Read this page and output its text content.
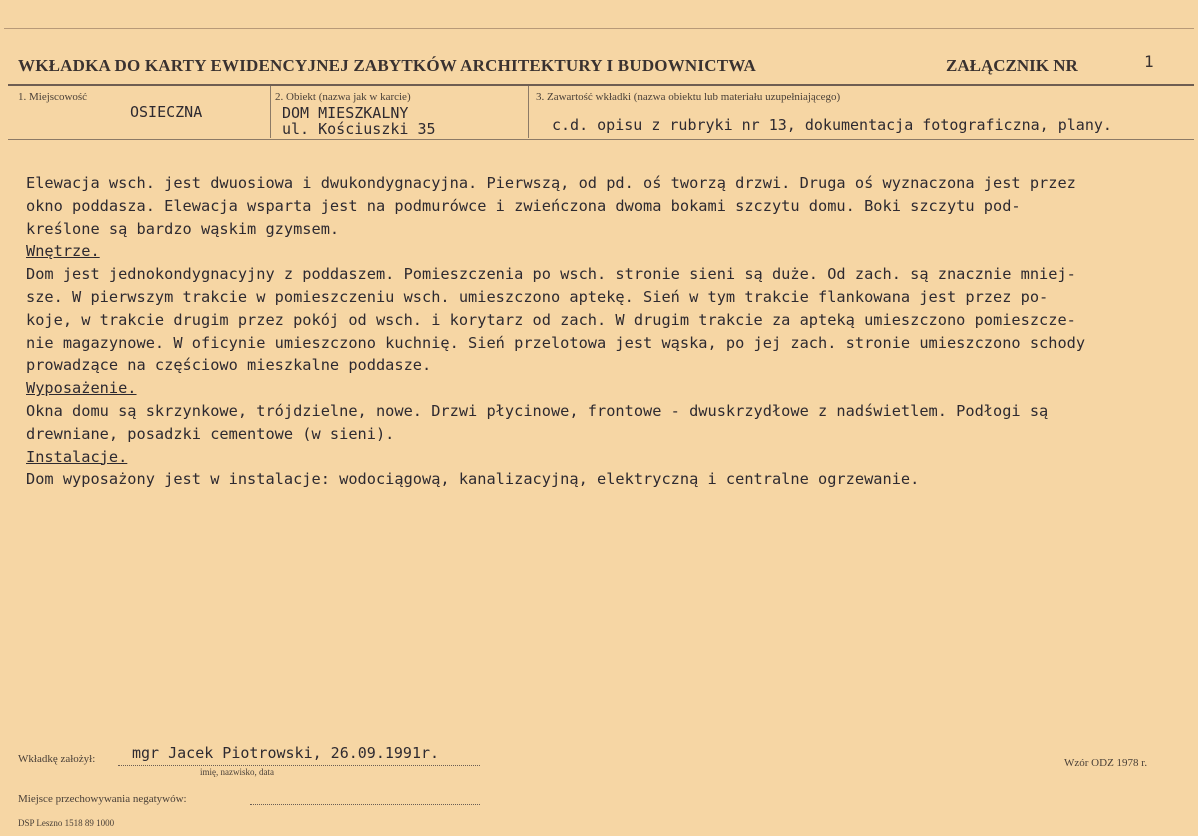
WKŁADKA DO KARTY EWIDENCYJNEJ ZABYTKÓW ARCHITEKTURY I BUDOWNICTWA	ZAŁĄCZNIK NR	1
1. Miejscowość
OSIECZNA
2. Obiekt (nazwa jak w karcie)
DOM MIESZKALNY
ul. Kościuszki 35
3. Zawartość wkładki (nazwa obiektu lub materiału uzupełniającego)
c.d. opisu z rubryki nr 13, dokumentacja fotograficzna, plany.

Elewacja wsch. jest dwuosiowa i dwukondygnacyjna. Pierwszą, od pd. oś tworzą drzwi. Druga oś wyznaczona jest przez

okno poddasza. Elewacja wsparta jest na podmurówce i zwieńczona dwoma bokami szczytu domu. Boki szczytu pod-

kreślone są bardzo wąskim gzymsem.

Wnętrze.

Dom jest jednokondygnacyjny z poddaszem. Pomieszczenia po wsch. stronie sieni są duże. Od zach. są znacznie mniej-

sze. W pierwszym trakcie w pomieszczeniu wsch. umieszczono aptekę. Sień w tym trakcie flankowana jest przez po-

koje, w trakcie drugim przez pokój od wsch. i korytarz od zach. W drugim trakcie za apteką umieszczono pomieszcze-

nie magazynowe. W oficynie umieszczono kuchnię. Sień przelotowa jest wąska, po jej zach. stronie umieszczono schody

prowadzące na częściowo mieszkalne poddasze.

Wyposażenie.

Okna domu są skrzynkowe, trójdzielne, nowe. Drzwi płycinowe, frontowe - dwuskrzydłowe z nadświetlem. Podłogi są

drewniane, posadzki cementowe (w sieni).

Instalacje.

Dom wyposażony jest w instalacje: wodociągową, kanalizacyjną, elektryczną i centralne ogrzewanie.

Wkładkę założył: mgr Jacek Piotrowski, 26.09.1991r.
imię, nazwisko, data
Wzór ODZ 1978 r.
Miejsce przechowywania negatywów:
DSP Leszno 1518 89 1000
